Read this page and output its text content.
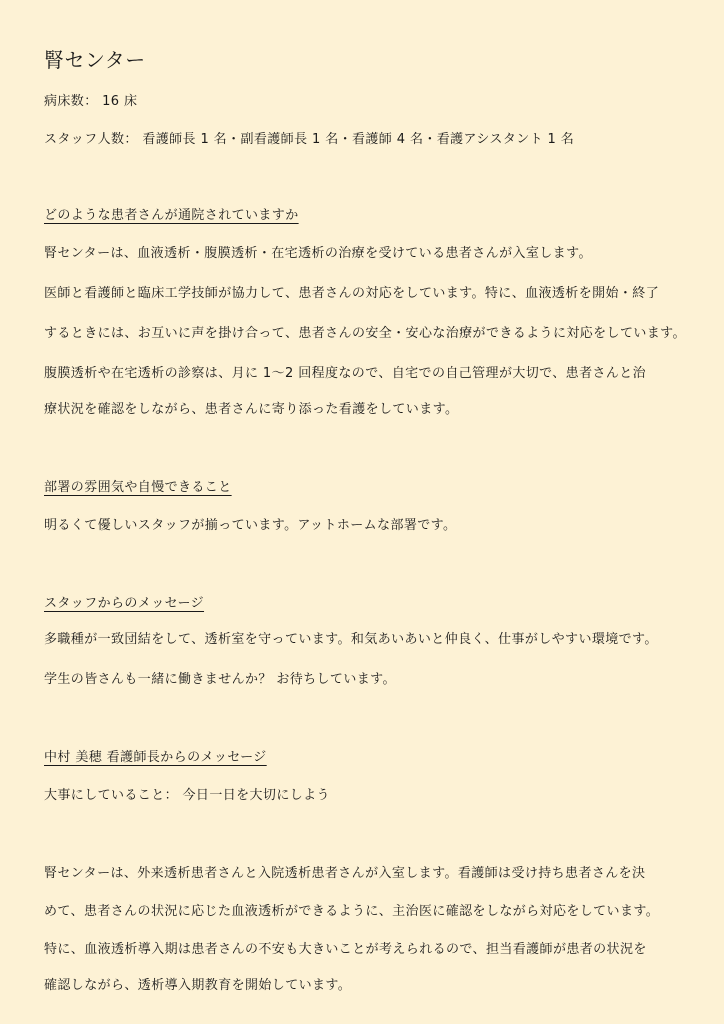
腎センター

病床数： 16 床

スタッフ人数： 看護師長 1 名・副看護師長 1 名・看護師 4 名・看護アシスタント 1 名

どのような患者さんが通院されていますか

腎センターは、血液透析・腹膜透析・在宅透析の治療を受けている患者さんが入室します。

医師と看護師と臨床工学技師が協力して、患者さんの対応をしています。特に、血液透析を開始・終了

するときには、お互いに声を掛け合って、患者さんの安全・安心な治療ができるように対応をしています。

腹膜透析や在宅透析の診察は、月に 1～2 回程度なので、自宅での自己管理が大切で、患者さんと治

療状況を確認をしながら、患者さんに寄り添った看護をしています。

部署の雰囲気や自慢できること

明るくて優しいスタッフが揃っています。アットホームな部署です。

スタッフからのメッセージ

多職種が一致団結をして、透析室を守っています。和気あいあいと仲良く、仕事がしやすい環境です。

学生の皆さんも一緒に働きませんか？ お待ちしています。

中村 美穂 看護師長からのメッセージ

大事にしていること： 今日一日を大切にしよう

腎センターは、外来透析患者さんと入院透析患者さんが入室します。看護師は受け持ち患者さんを決

めて、患者さんの状況に応じた血液透析ができるように、主治医に確認をしながら対応をしています。

特に、血液透析導入期は患者さんの不安も大きいことが考えられるので、担当看護師が患者の状況を

確認しながら、透析導入期教育を開始しています。
